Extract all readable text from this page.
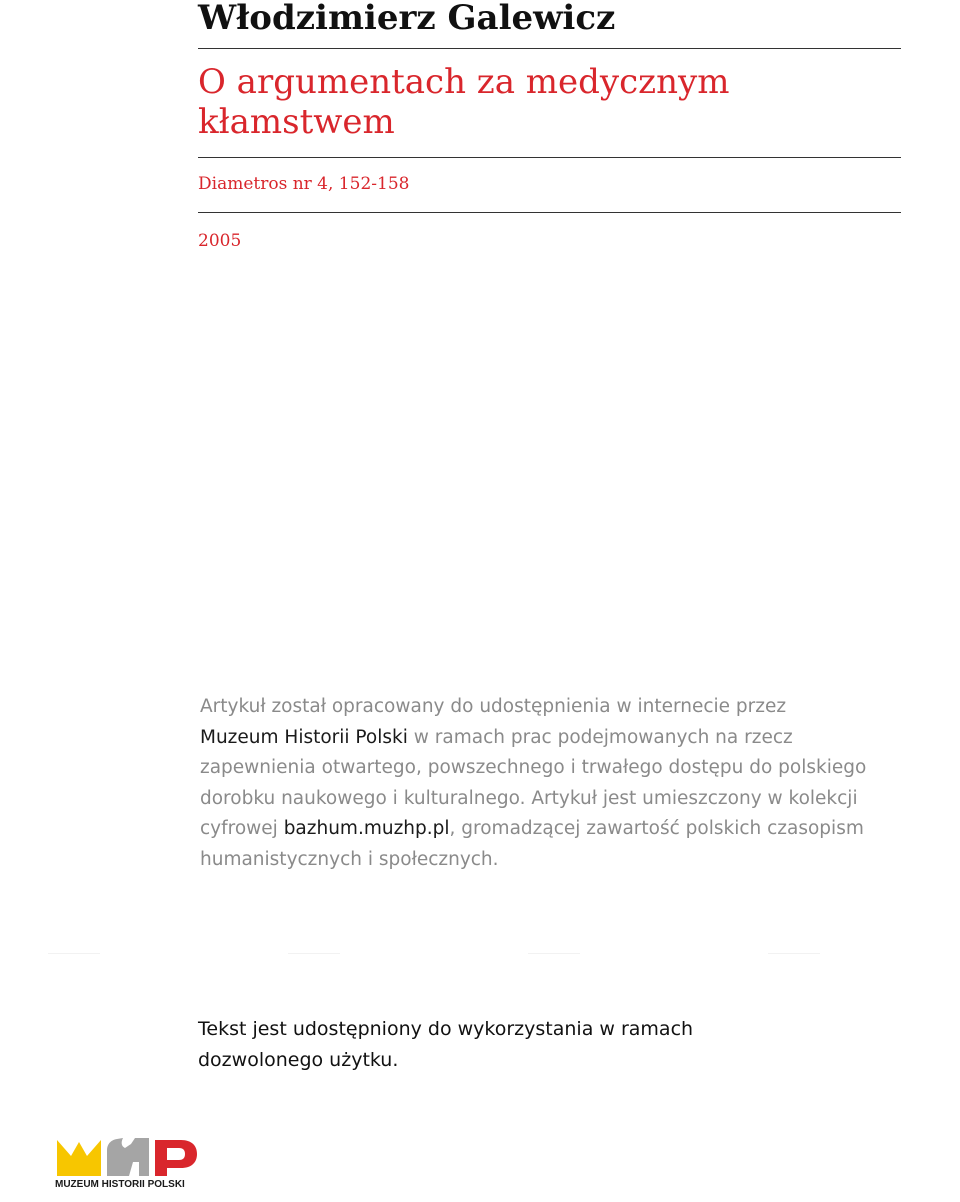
Włodzimierz Galewicz
O argumentach za medycznym kłamstwem
Diametros nr 4, 152-158
2005
Artykuł został opracowany do udostępnienia w internecie przez
Muzeum Historii Polski w ramach prac podejmowanych na rzecz zapewnienia otwartego, powszechnego i trwałego dostępu do polskiego dorobku naukowego i kulturalnego. Artykuł jest umieszczony w kolekcji cyfrowej bazhum.muzhp.pl, gromadzącej zawartość polskich czasopism humanistycznych i społecznych.
Tekst jest udostępniony do wykorzystania w ramach dozwolonego użytku.
MUZEUM HISTORII POLSKI
